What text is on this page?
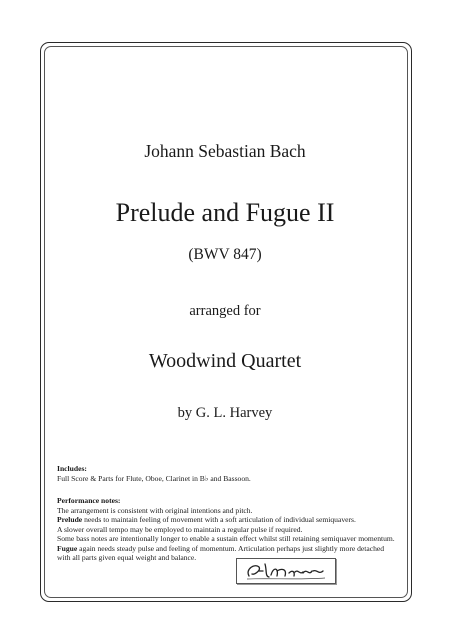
Johann Sebastian Bach
Prelude and Fugue II
(BWV 847)
arranged for
Woodwind Quartet
by G. L. Harvey
Includes:
Full Score & Parts for Flute, Oboe, Clarinet in B♭ and Bassoon.
Performance notes:
The arrangement is consistent with original intentions and pitch.
Prelude needs to maintain feeling of movement with a soft articulation of individual semiquavers.
A slower overall tempo may be employed to maintain a regular pulse if required.
Some bass notes are intentionally longer to enable a sustain effect whilst still retaining semiquaver momentum.
Fugue again needs steady pulse and feeling of momentum. Articulation perhaps just slightly more detached
with all parts given equal weight and balance.
